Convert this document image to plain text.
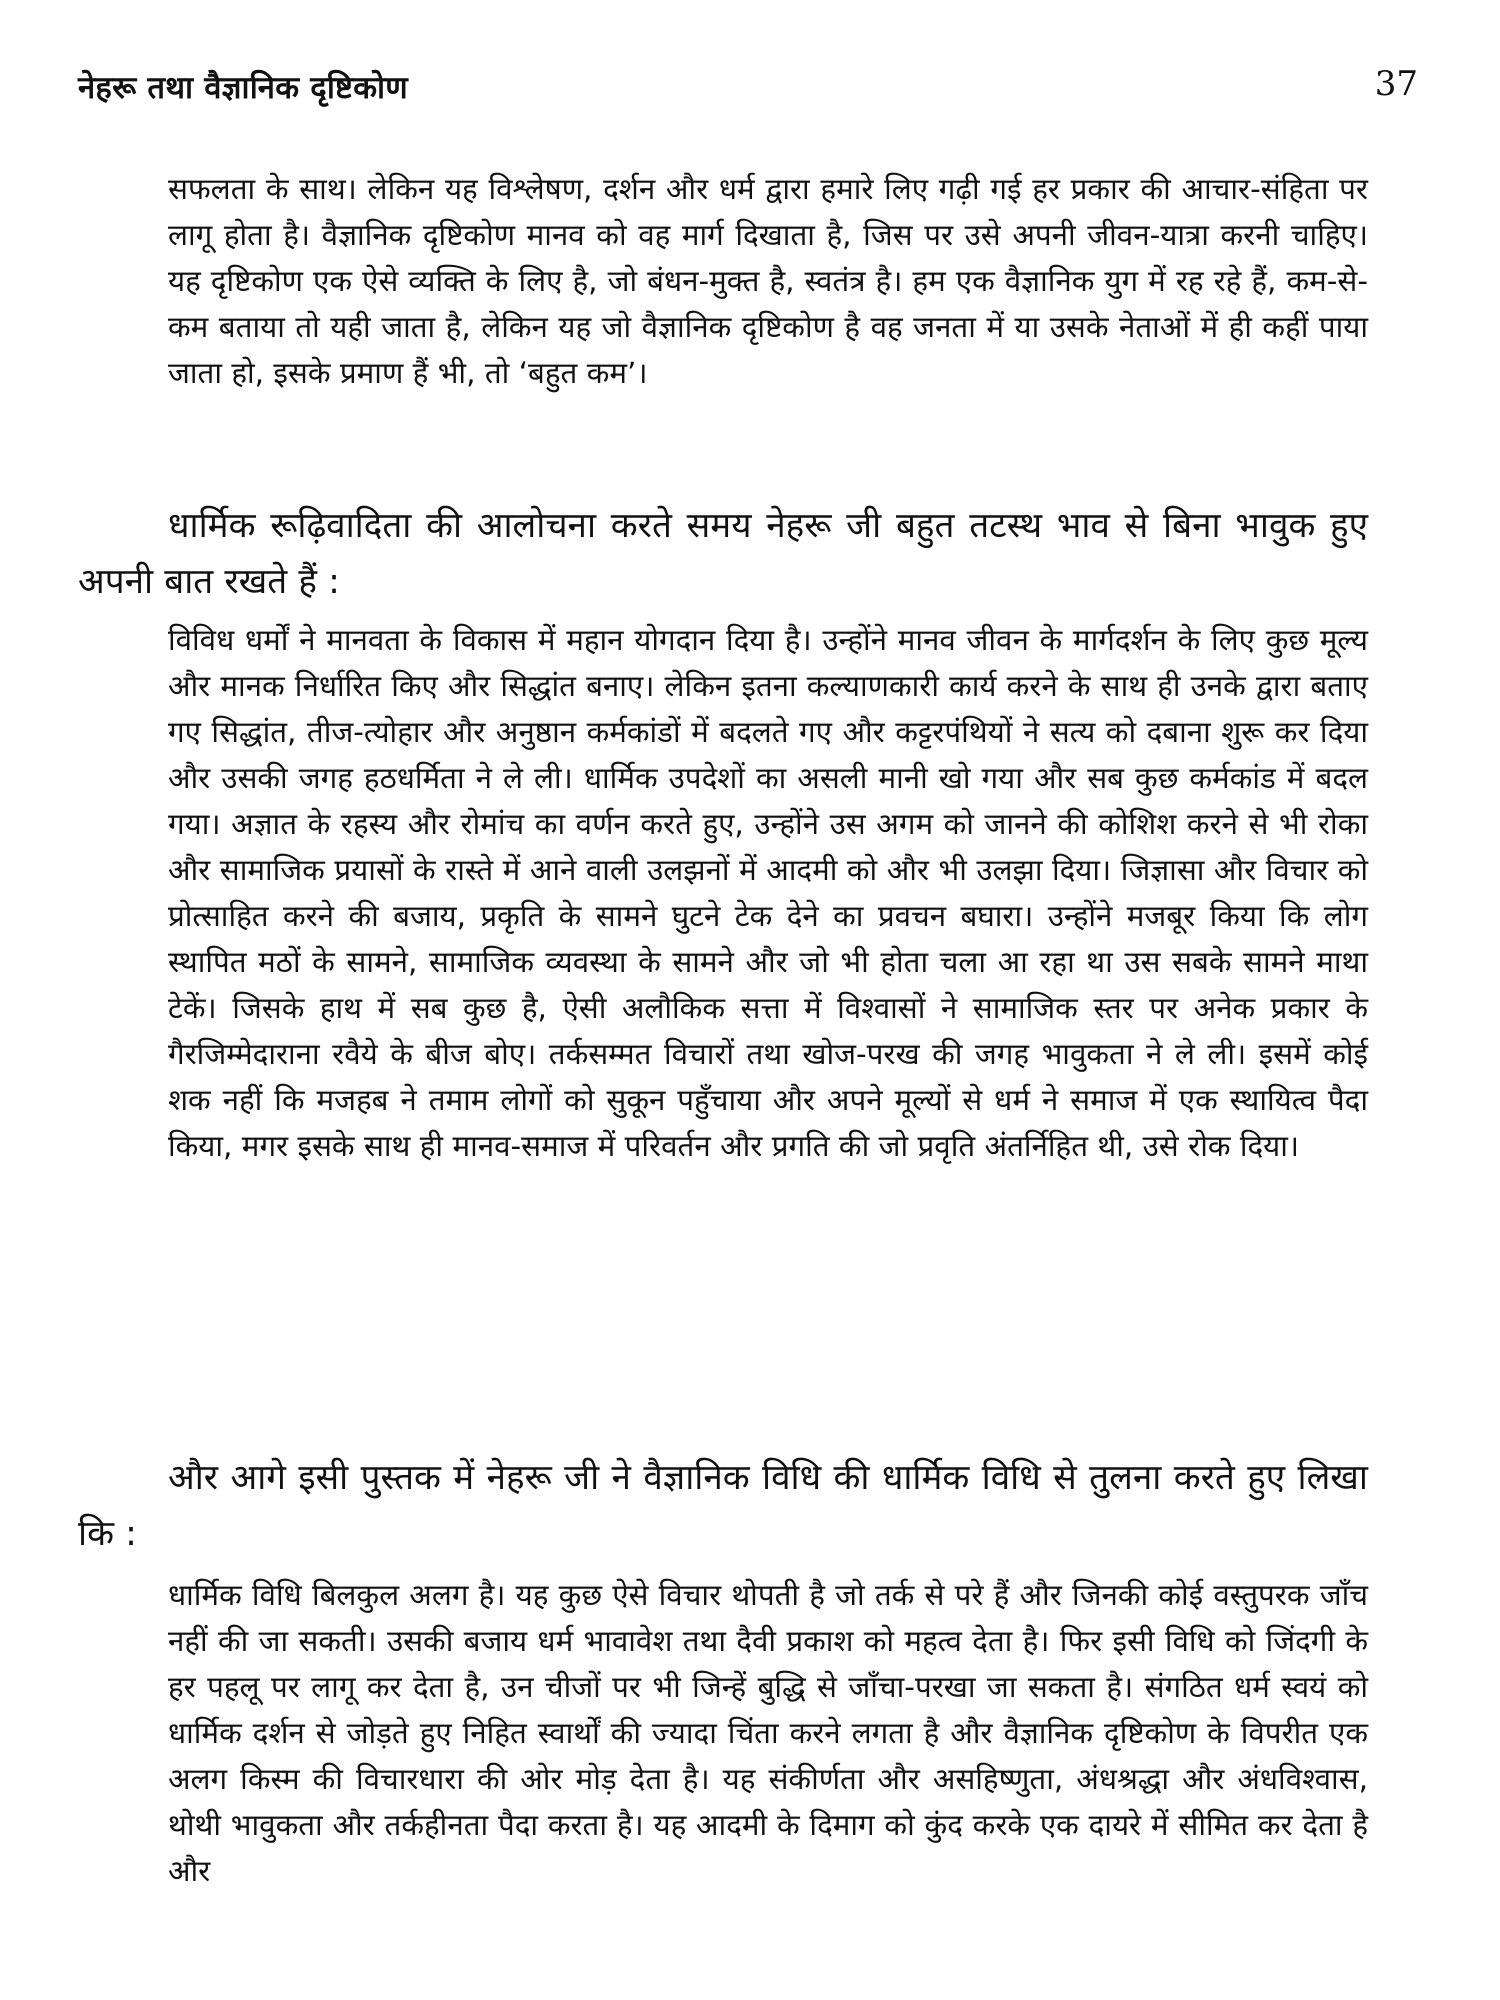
नेहरू तथा वैज्ञानिक दृष्टिकोण	37

सफलता के साथ। लेकिन यह विश्लेषण, दर्शन और धर्म द्वारा हमारे लिए गढ़ी गई हर प्रकार की आचार-संहिता पर लागू होता है। वैज्ञानिक दृष्टिकोण मानव को वह मार्ग दिखाता है, जिस पर उसे अपनी जीवन-यात्रा करनी चाहिए। यह दृष्टिकोण एक ऐसे व्यक्ति के लिए है, जो बंधन-मुक्त है, स्वतंत्र है। हम एक वैज्ञानिक युग में रह रहे हैं, कम-से-कम बताया तो यही जाता है, लेकिन यह जो वैज्ञानिक दृष्टिकोण है वह जनता में या उसके नेताओं में ही कहीं पाया जाता हो, इसके प्रमाण हैं भी, तो ‘बहुत कम’।

धार्मिक रूढ़िवादिता की आलोचना करते समय नेहरू जी बहुत तटस्थ भाव से बिना भावुक हुए अपनी बात रखते हैं :

विविध धर्मों ने मानवता के विकास में महान योगदान दिया है। उन्होंने मानव जीवन के मार्गदर्शन के लिए कुछ मूल्य और मानक निर्धारित किए और सिद्धांत बनाए। लेकिन इतना कल्याणकारी कार्य करने के साथ ही उनके द्वारा बताए गए सिद्धांत, तीज-त्योहार और अनुष्ठान कर्मकांडों में बदलते गए और कट्टरपंथियों ने सत्य को दबाना शुरू कर दिया और उसकी जगह हठधर्मिता ने ले ली। धार्मिक उपदेशों का असली मानी खो गया और सब कुछ कर्मकांड में बदल गया। अज्ञात के रहस्य और रोमांच का वर्णन करते हुए, उन्होंने उस अगम को जानने की कोशिश करने से भी रोका और सामाजिक प्रयासों के रास्ते में आने वाली उलझनों में आदमी को और भी उलझा दिया। जिज्ञासा और विचार को प्रोत्साहित करने की बजाय, प्रकृति के सामने घुटने टेक देने का प्रवचन बघारा। उन्होंने मजबूर किया कि लोग स्थापित मठों के सामने, सामाजिक व्यवस्था के सामने और जो भी होता चला आ रहा था उस सबके सामने माथा टेकें। जिसके हाथ में सब कुछ है, ऐसी अलौकिक सत्ता में विश्वासों ने सामाजिक स्तर पर अनेक प्रकार के गैरजिम्मेदाराना रवैये के बीज बोए। तर्कसम्मत विचारों तथा खोज-परख की जगह भावुकता ने ले ली। इसमें कोई शक नहीं कि मजहब ने तमाम लोगों को सुकून पहुँचाया और अपने मूल्यों से धर्म ने समाज में एक स्थायित्व पैदा किया, मगर इसके साथ ही मानव-समाज में परिवर्तन और प्रगति की जो प्रवृति अंतर्निहित थी, उसे रोक दिया।

और आगे इसी पुस्तक में नेहरू जी ने वैज्ञानिक विधि की धार्मिक विधि से तुलना करते हुए लिखा कि :

धार्मिक विधि बिलकुल अलग है। यह कुछ ऐसे विचार थोपती है जो तर्क से परे हैं और जिनकी कोई वस्तुपरक जाँच नहीं की जा सकती। उसकी बजाय धर्म भावावेश तथा दैवी प्रकाश को महत्व देता है। फिर इसी विधि को जिंदगी के हर पहलू पर लागू कर देता है, उन चीजों पर भी जिन्हें बुद्धि से जाँचा-परखा जा सकता है। संगठित धर्म स्वयं को धार्मिक दर्शन से जोड़ते हुए निहित स्वार्थों की ज्यादा चिंता करने लगता है और वैज्ञानिक दृष्टिकोण के विपरीत एक अलग किस्म की विचारधारा की ओर मोड़ देता है। यह संकीर्णता और असहिष्णुता, अंधश्रद्धा और अंधविश्वास, थोथी भावुकता और तर्कहीनता पैदा करता है। यह आदमी के दिमाग को कुंद करके एक दायरे में सीमित कर देता है और
